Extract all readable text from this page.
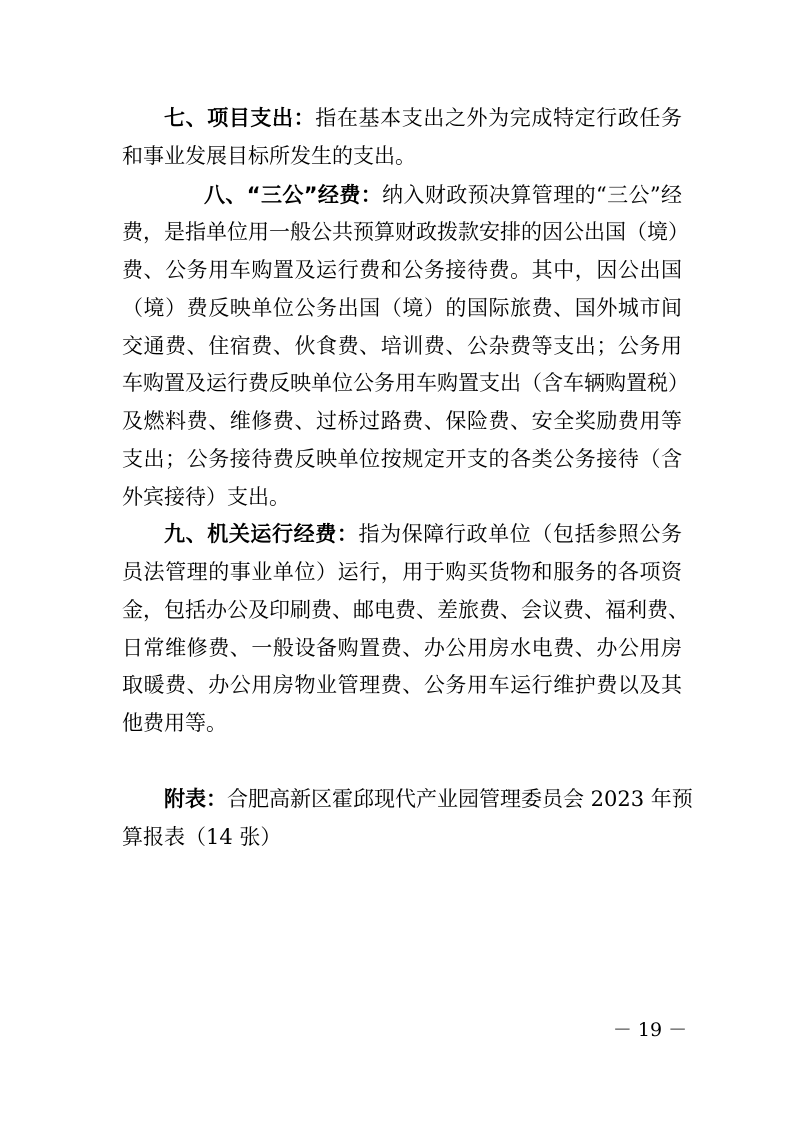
七、项目支出：指在基本支出之外为完成特定行政任务
和事业发展目标所发生的支出。
八、“三公”经费：纳入财政预决算管理的“三公”经
费，是指单位用一般公共预算财政拨款安排的因公出国（境）
费、公务用车购置及运行费和公务接待费。其中，因公出国
（境）费反映单位公务出国（境）的国际旅费、国外城市间
交通费、住宿费、伙食费、培训费、公杂费等支出；公务用
车购置及运行费反映单位公务用车购置支出（含车辆购置税）
及燃料费、维修费、过桥过路费、保险费、安全奖励费用等
支出；公务接待费反映单位按规定开支的各类公务接待（含
外宾接待）支出。
九、机关运行经费：指为保障行政单位（包括参照公务
员法管理的事业单位）运行，用于购买货物和服务的各项资
金，包括办公及印刷费、邮电费、差旅费、会议费、福利费、
日常维修费、一般设备购置费、办公用房水电费、办公用房
取暖费、办公用房物业管理费、公务用车运行维护费以及其
他费用等。
附表：合肥高新区霍邱现代产业园管理委员会 2023 年预
算报表（14 张）
－ 19 －
